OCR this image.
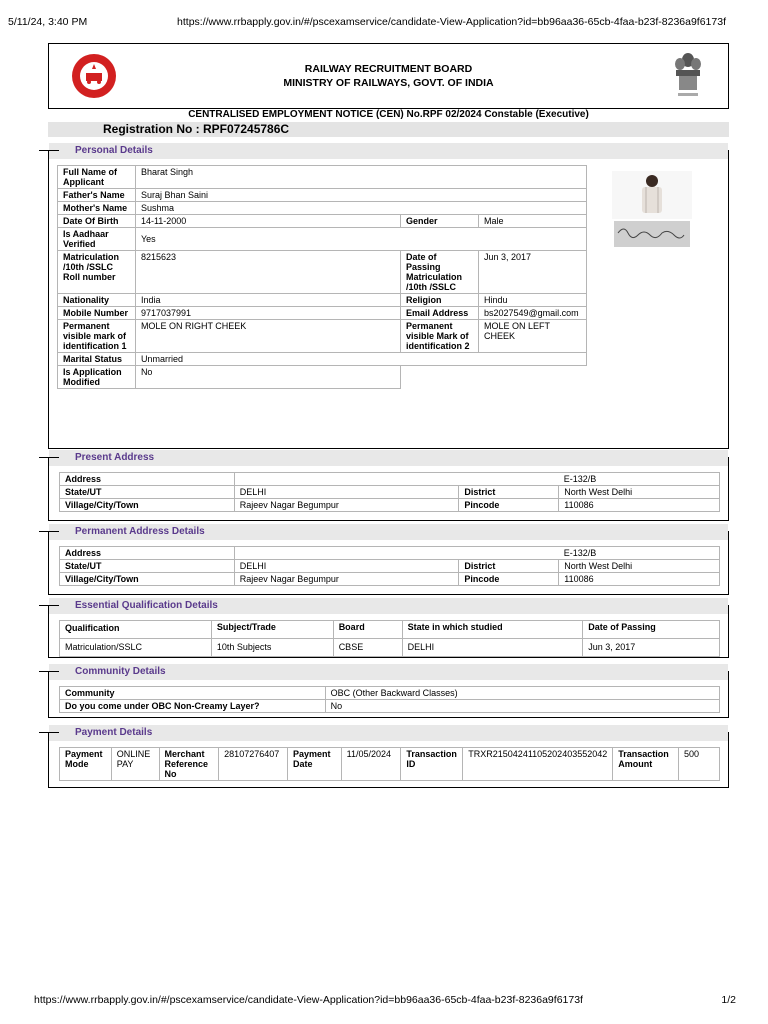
5/11/24, 3:40 PM	https://www.rrbapply.gov.in/#/pscexamservice/candidate-View-Application?id=bb96aa36-65cb-4faa-b23f-8236a9f6173f
RAILWAY RECRUITMENT BOARD
MINISTRY OF RAILWAYS, GOVT. OF INDIA
CENTRALISED EMPLOYMENT NOTICE (CEN) No.RPF 02/2024 Constable (Executive)
Registration No : RPF07245786C
Personal Details
Full Name of Applicant	Bharat Singh		
Father's Name	Suraj Bhan Saini		
Mother's Name	Sushma		
Date Of Birth	14-11-2000	Gender	Male
Is Aadhaar Verified	Yes		
Matriculation /10th /SSLC Roll number	8215623	Date of Passing Matriculation /10th /SSLC	Jun 3, 2017
Nationality	India	Religion	Hindu
Mobile Number	9717037991	Email Address	bs2027549@gmail.com
Permanent visible mark of identification 1	MOLE ON RIGHT CHEEK	Permanent visible Mark of identification 2	MOLE ON LEFT CHEEK
Marital Status	Unmarried		
Is Application Modified	No		
Present Address
Address			E-132/B
State/UT	DELHI	District	North West Delhi
Village/City/Town	Rajeev Nagar Begumpur	Pincode	110086
Permanent Address Details
Address			E-132/B
State/UT	DELHI	District	North West Delhi
Village/City/Town	Rajeev Nagar Begumpur	Pincode	110086
Essential Qualification Details
Qualification	Subject/Trade	Board	State in which studied	Date of Passing
Matriculation/SSLC	10th Subjects	CBSE	DELHI	Jun 3, 2017
Community Details
Community	OBC (Other Backward Classes)
Do you come under OBC Non-Creamy Layer?	No
Payment Details
Payment Mode	ONLINE PAY	Merchant Reference No	28107276407	Payment Date	11/05/2024	Transaction ID	TRXR21504241105202403552042	Transaction Amount	500
https://www.rrbapply.gov.in/#/pscexamservice/candidate-View-Application?id=bb96aa36-65cb-4faa-b23f-8236a9f6173f	1/2
